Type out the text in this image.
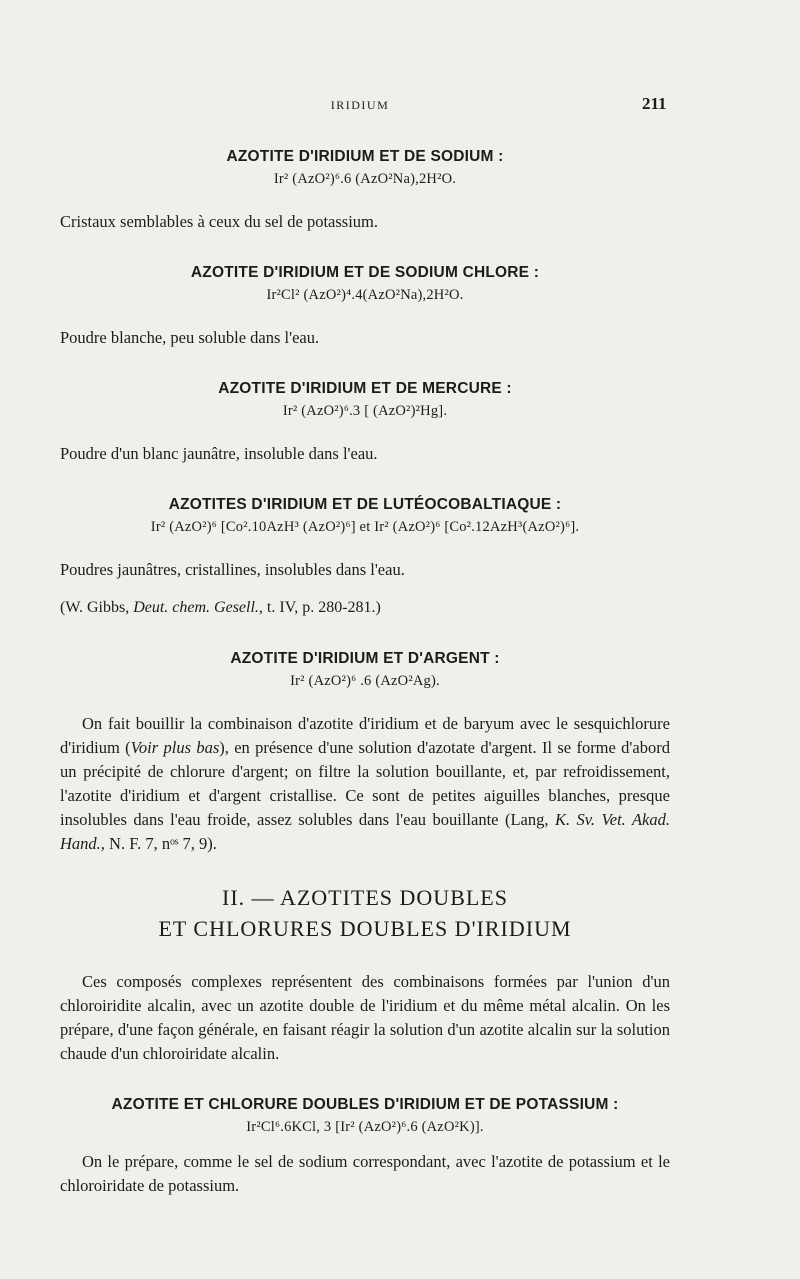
IRIDIUM	211
AZOTITE D'IRIDIUM ET DE SODIUM :
Ir² (AzO²)⁶.6 (AzO²Na),2H²O.

Cristaux semblables à ceux du sel de potassium.

AZOTITE D'IRIDIUM ET DE SODIUM CHLORE :
Ir²Cl² (AzO²)⁴.4(AzO²Na),2H²O.

Poudre blanche, peu soluble dans l'eau.

AZOTITE D'IRIDIUM ET DE MERCURE :
Ir² (AzO²)⁶.3 [ (AzO²)²Hg].

Poudre d'un blanc jaunâtre, insoluble dans l'eau.

AZOTITES D'IRIDIUM ET DE LUTÉOCOBALTIAQUE :
Ir² (AzO²)⁶ [Co².10AzH³ (AzO²)⁶] et Ir² (AzO²)⁶ [Co².12AzH³(AzO²)⁶].

Poudres jaunâtres, cristallines, insolubles dans l'eau.

(W. Gibbs, Deut. chem. Gesell., t. IV, p. 280-281.)

AZOTITE D'IRIDIUM ET D'ARGENT :
Ir² (AzO²)⁶ .6 (AzO²Ag).

On fait bouillir la combinaison d'azotite d'iridium et de baryum avec le sesquichlorure d'iridium (Voir plus bas), en présence d'une solution d'azotate d'argent. Il se forme d'abord un précipité de chlorure d'argent; on filtre la solution bouillante, et, par refroidissement, l'azotite d'iridium et d'argent cristallise. Ce sont de petites aiguilles blanches, presque insolubles dans l'eau froide, assez solubles dans l'eau bouillante (Lang, K. Sv. Vet. Akad. Hand., N. F. 7, nᵒˢ 7, 9).

II. — AZOTITES DOUBLES
ET CHLORURES DOUBLES D'IRIDIUM

Ces composés complexes représentent des combinaisons formées par l'union d'un chloroiridite alcalin, avec un azotite double de l'iridium et du même métal alcalin. On les prépare, d'une façon générale, en faisant réagir la solution d'un azotite alcalin sur la solution chaude d'un chloroiridate alcalin.

AZOTITE ET CHLORURE DOUBLES D'IRIDIUM ET DE POTASSIUM :
Ir²Cl⁶.6KCl, 3 [Ir² (AzO²)⁶.6 (AzO²K)].

On le prépare, comme le sel de sodium correspondant, avec l'azotite de potassium et le chloroiridate de potassium.
